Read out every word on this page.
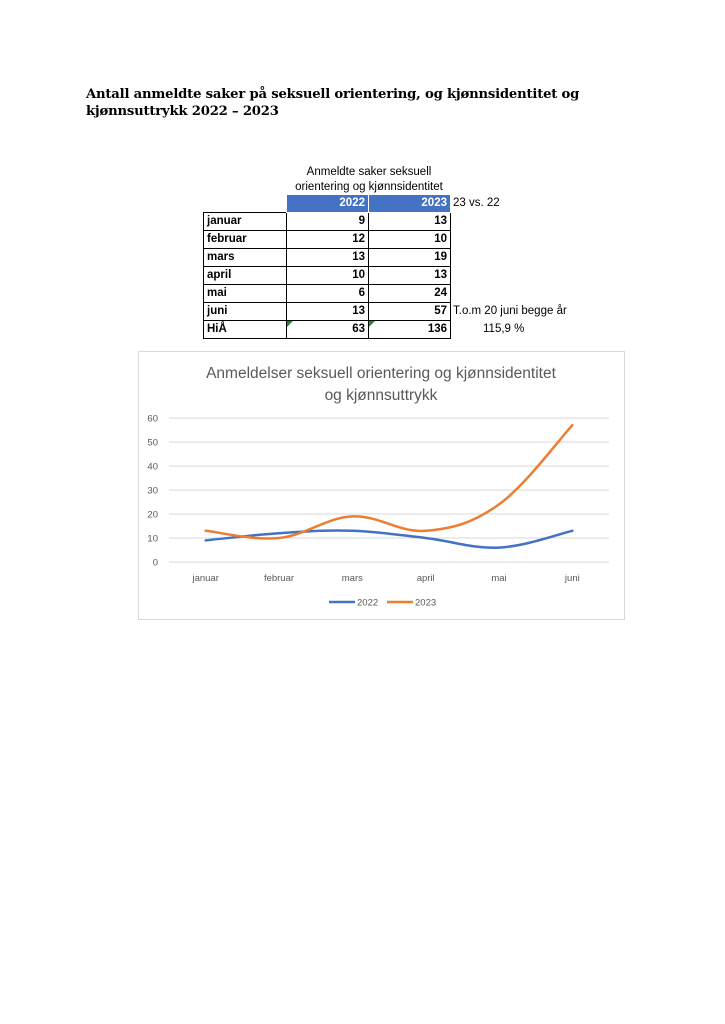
Antall anmeldte saker på seksuell orientering, og kjønnsidentitet og kjønnsuttrykk 2022 – 2023
Anmeldte saker seksuell orientering og kjønnsidentitet
	2022	2023	23 vs. 22
januar	9	13	
februar	12	10	
mars	13	19	
april	10	13	
mai	6	24	
juni	13	57	T.o.m 20 juni begge år
HiÅ	63	136	115,9 %
Anmeldelser seksuell orientering og kjønnsidentitet
og kjønnsuttrykk
0
10
20
30
40
50
60
januar	februar	mars	april	mai	juni
2022	2023
